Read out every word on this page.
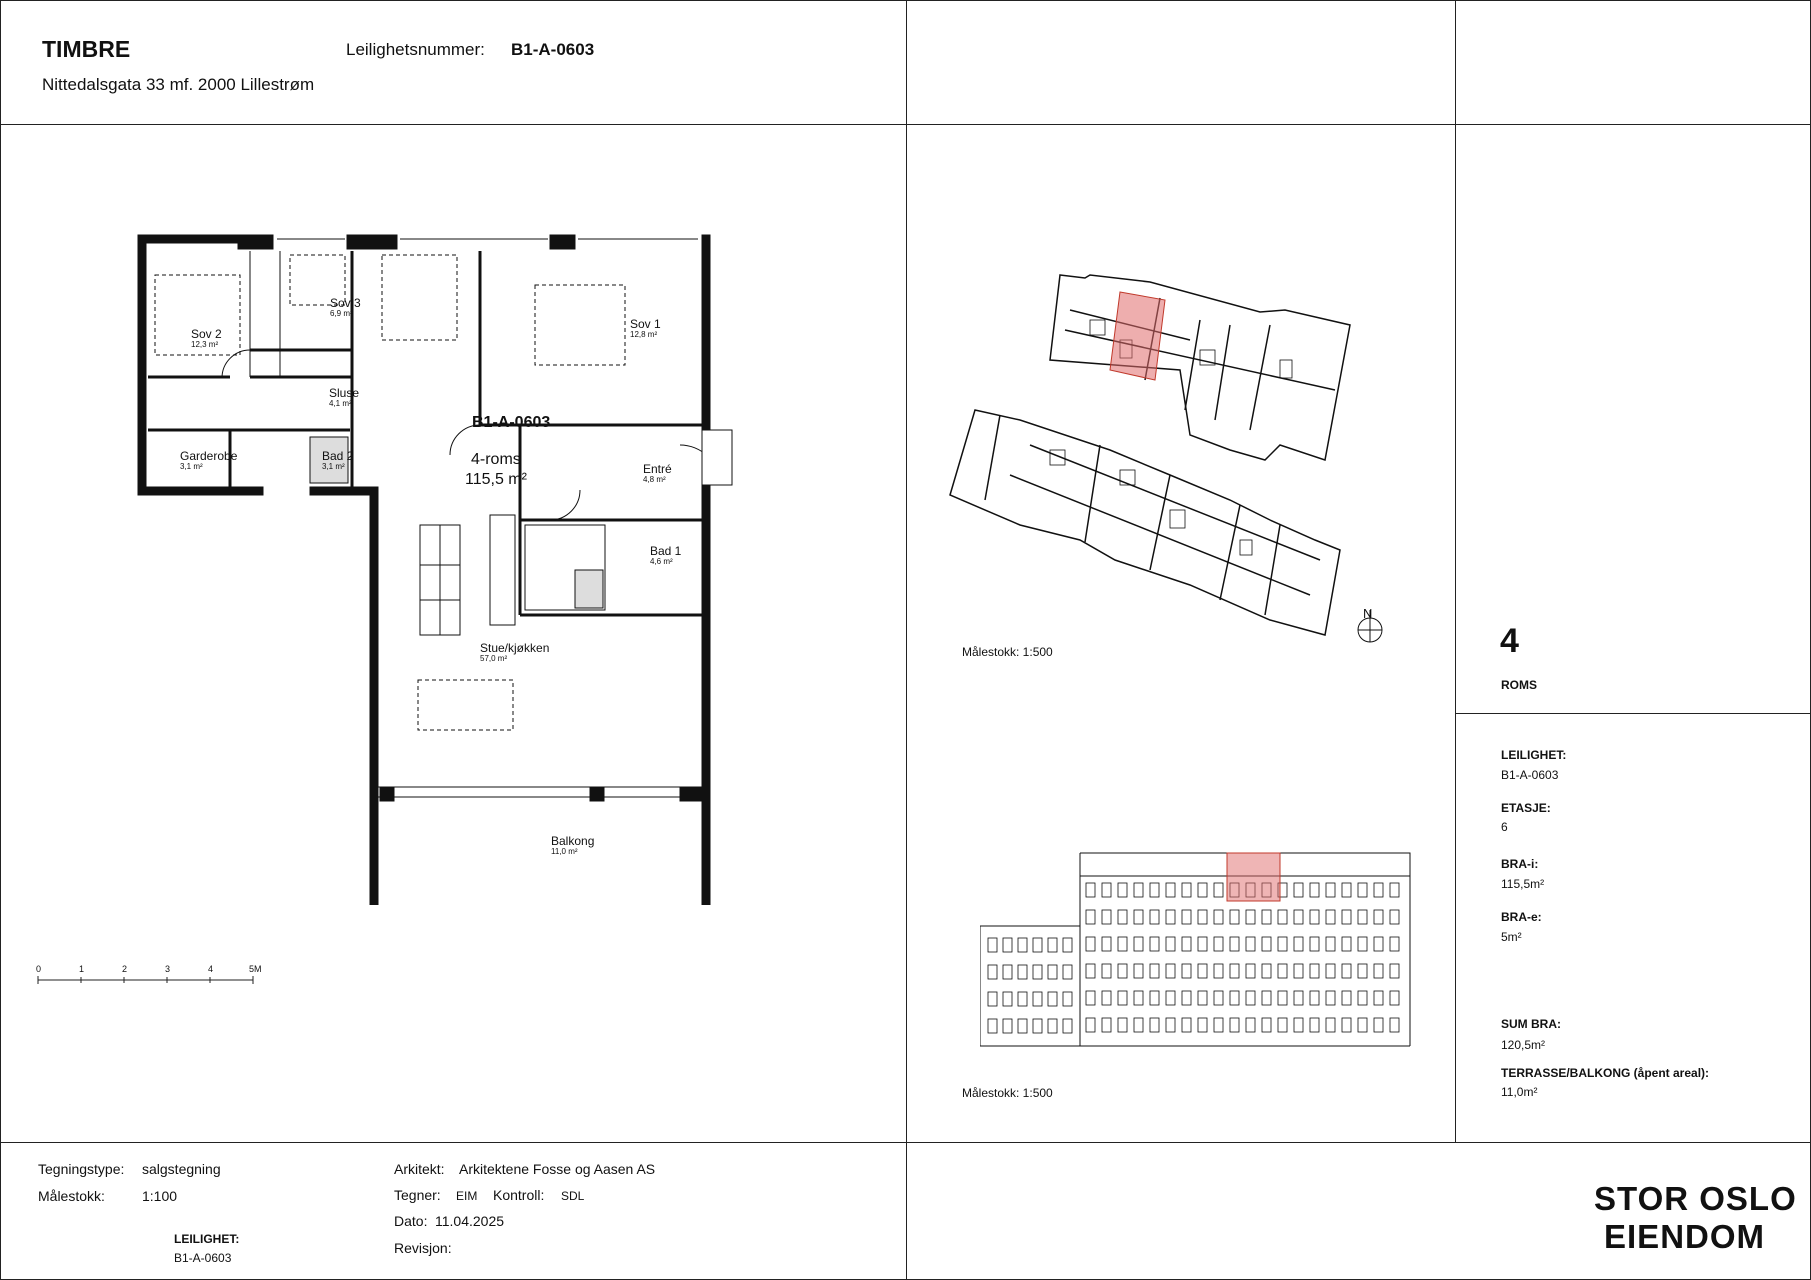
TIMBRE
Nittedalsgata 33 mf. 2000 Lillestrøm
Leilighetsnummer: B1-A-0603
Sov 2
12,3 m²
Sov 3
6,9 m²
Sov 1
12,8 m²
Sluse
4,1 m²
Garderobe
3,1 m²
Bad 2
3,1 m²	Entré
4,8 m²
Bad 1
4,6 m²
Stue/kjøkken
57,0 m²
Balkong
11,0 m²
B1-A-0603
4-roms
115,5 m²
0	1	2	3	4	5M
N
Målestokk: 1:500
Målestokk: 1:500
4
ROMS
LEILIGHET:
B1-A-0603
ETASJE:
6
BRA-i:
115,5m²
BRA-e:
5m²
SUM BRA:
120,5m²
TERRASSE/BALKONG (åpent areal):
11,0m²
Tegningstype: salgstegning
Målestokk:	1:100
LEILIGHET:
B1-A-0603
Arkitekt: Arkitektene Fosse og Aasen AS
Tegner: EIM Kontroll: SDL
Dato: 11.04.2025
Revisjon:
STOR OSLO
EIENDOM
